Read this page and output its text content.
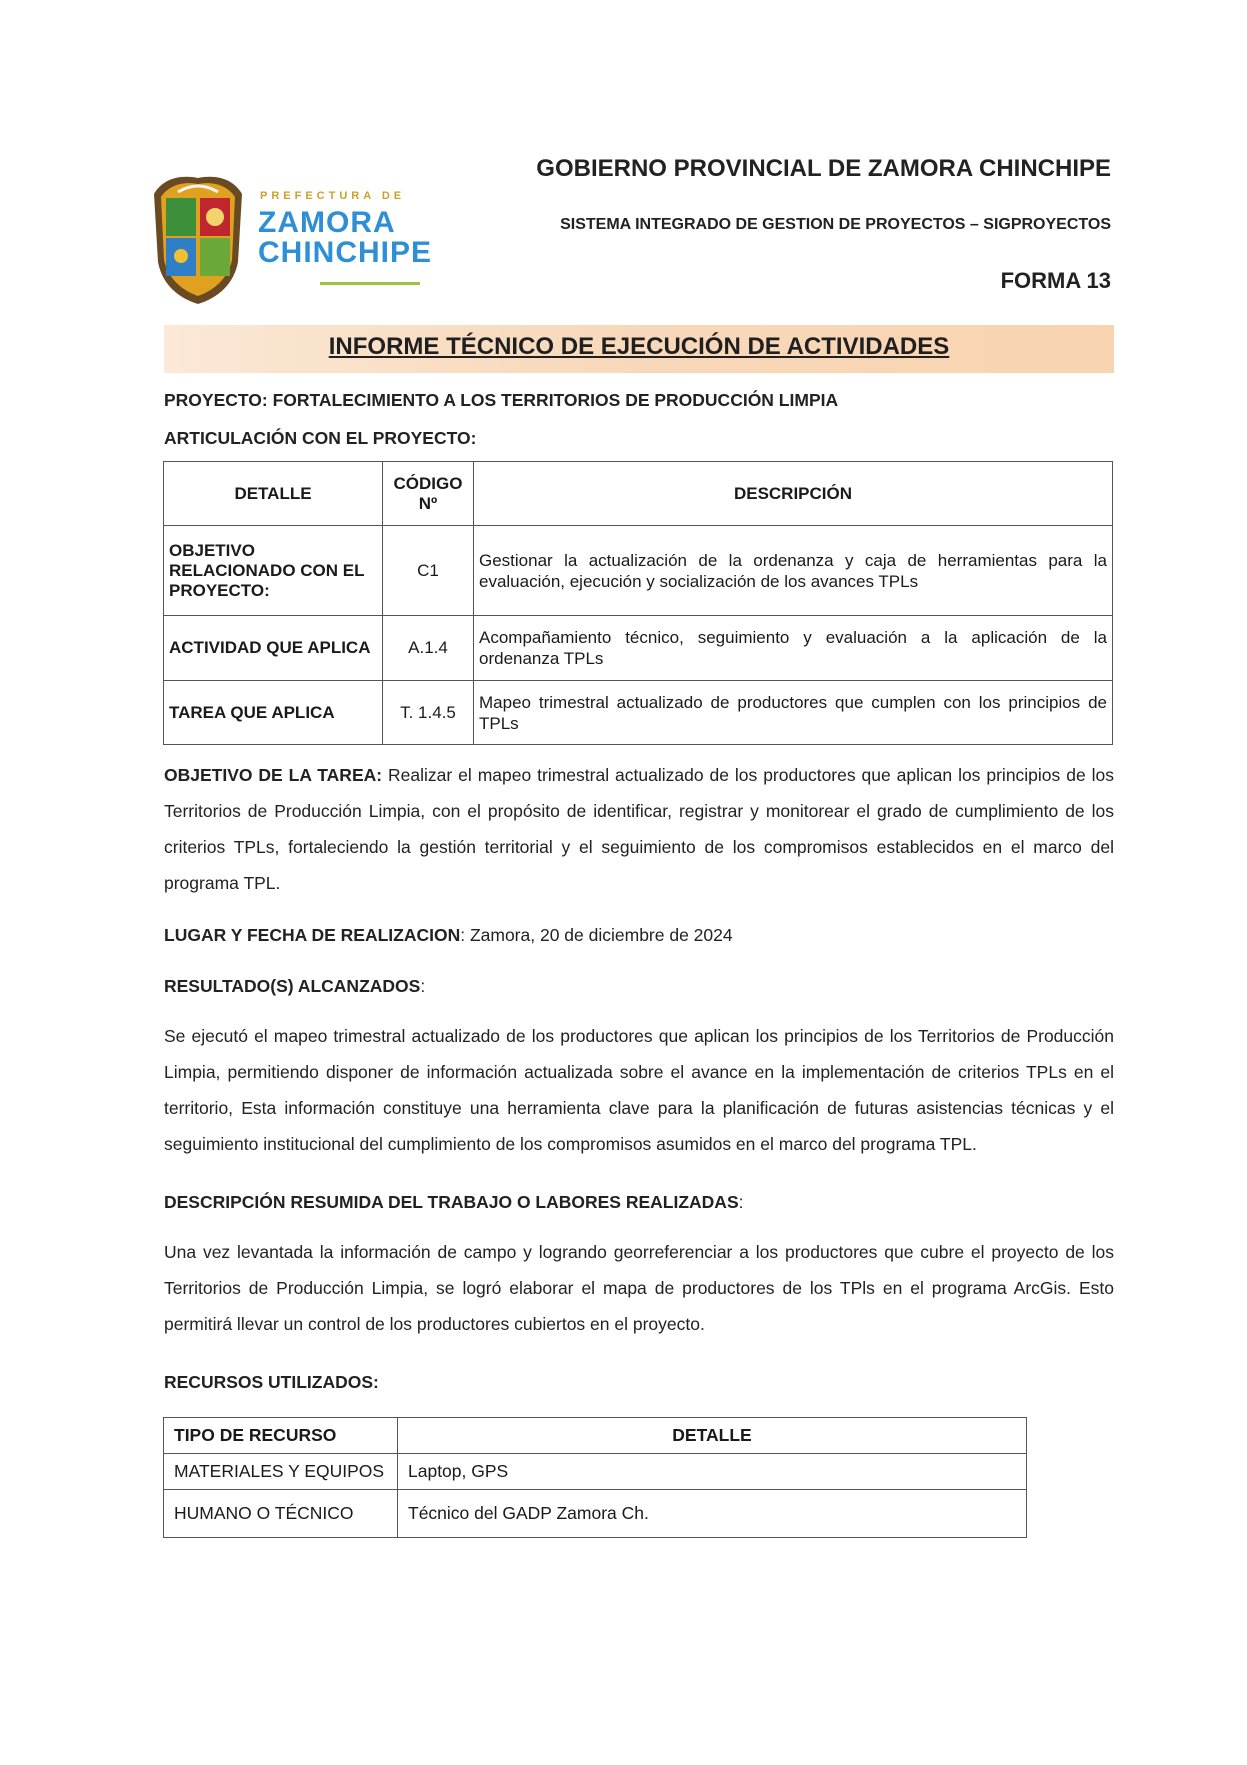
PREFECTURA DE
ZAMORA
CHINCHIPE
GOBIERNO PROVINCIAL DE ZAMORA CHINCHIPE
SISTEMA INTEGRADO DE GESTION DE PROYECTOS – SIGPROYECTOS
FORMA 13
INFORME TÉCNICO DE EJECUCIÓN DE ACTIVIDADES
PROYECTO: FORTALECIMIENTO A LOS TERRITORIOS DE PRODUCCIÓN LIMPIA
ARTICULACIÓN CON EL PROYECTO:
DETALLE	CÓDIGO Nº	DESCRIPCIÓN
OBJETIVO RELACIONADO CON EL PROYECTO:	C1	Gestionar la actualización de la ordenanza y caja de herramientas para la evaluación, ejecución y socialización de los avances TPLs
ACTIVIDAD QUE APLICA	A.1.4	Acompañamiento técnico, seguimiento y evaluación a la aplicación de la ordenanza TPLs
TAREA QUE APLICA	T. 1.4.5	Mapeo trimestral actualizado de productores que cumplen con los principios de TPLs
OBJETIVO DE LA TAREA: Realizar el mapeo trimestral actualizado de los productores que aplican los principios de los Territorios de Producción Limpia, con el propósito de identificar, registrar y monitorear el grado de cumplimiento de los criterios TPLs, fortaleciendo la gestión territorial y el seguimiento de los compromisos establecidos en el marco del programa TPL.
LUGAR Y FECHA DE REALIZACION: Zamora, 20 de diciembre de 2024
RESULTADO(S) ALCANZADOS:
Se ejecutó el mapeo trimestral actualizado de los productores que aplican los principios de los Territorios de Producción Limpia, permitiendo disponer de información actualizada sobre el avance en la implementación de criterios TPLs en el territorio, Esta información constituye una herramienta clave para la planificación de futuras asistencias técnicas y el seguimiento institucional del cumplimiento de los compromisos asumidos en el marco del programa TPL.
DESCRIPCIÓN RESUMIDA DEL TRABAJO O LABORES REALIZADAS:
Una vez levantada la información de campo y logrando georreferenciar a los productores que cubre el proyecto de los Territorios de Producción Limpia, se logró elaborar el mapa de productores de los TPls en el programa ArcGis. Esto permitirá llevar un control de los productores cubiertos en el proyecto.
RECURSOS UTILIZADOS:
TIPO DE RECURSO	DETALLE
MATERIALES Y EQUIPOS	Laptop, GPS
HUMANO O TÉCNICO	Técnico del GADP Zamora Ch.
